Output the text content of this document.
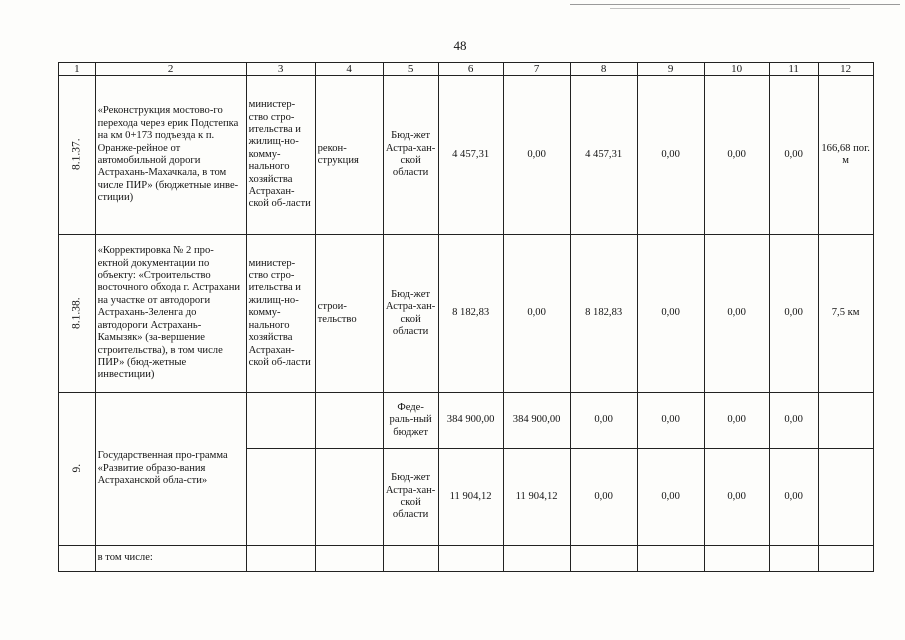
48
1	2	3	4	5	6	7	8	9	10	11	12
8.1.37.	«Реконструкция мостово-го перехода через ерик Подстепка на км 0+173 подъезда к п. Оранже-рейное от автомобильной дороги Астрахань-Махачкала, в том числе ПИР» (бюджетные инве-стиции)	министер-ство стро-ительства и жилищ-но-комму-нального хозяйства Астрахан-ской об-ласти	рекон-струкция	Бюд-жет Астра-хан-ской области	4 457,31	0,00	4 457,31	0,00	0,00	0,00	166,68 пог. м
8.1.38.	«Корректировка № 2 про-ектной документации по объекту: «Строительство восточного обхода г. Астрахани на участке от автодороги Астрахань-Зеленга до автодороги Астрахань-Камызяк» (за-вершение строительства), в том числе ПИР» (бюд-жетные инвестиции)	министер-ство стро-ительства и жилищ-но-комму-нального хозяйства Астрахан-ской об-ласти	строи-тельство	Бюд-жет Астра-хан-ской области	8 182,83	0,00	8 182,83	0,00	0,00	0,00	7,5 км
9.	Государственная про-грамма «Развитие образо-вания Астраханской обла-сти»			Феде-раль-ный бюджет	384 900,00	384 900,00	0,00	0,00	0,00	0,00	
				Бюд-жет Астра-хан-ской области	11 904,12	11 904,12	0,00	0,00	0,00	0,00	
	в том числе:										
